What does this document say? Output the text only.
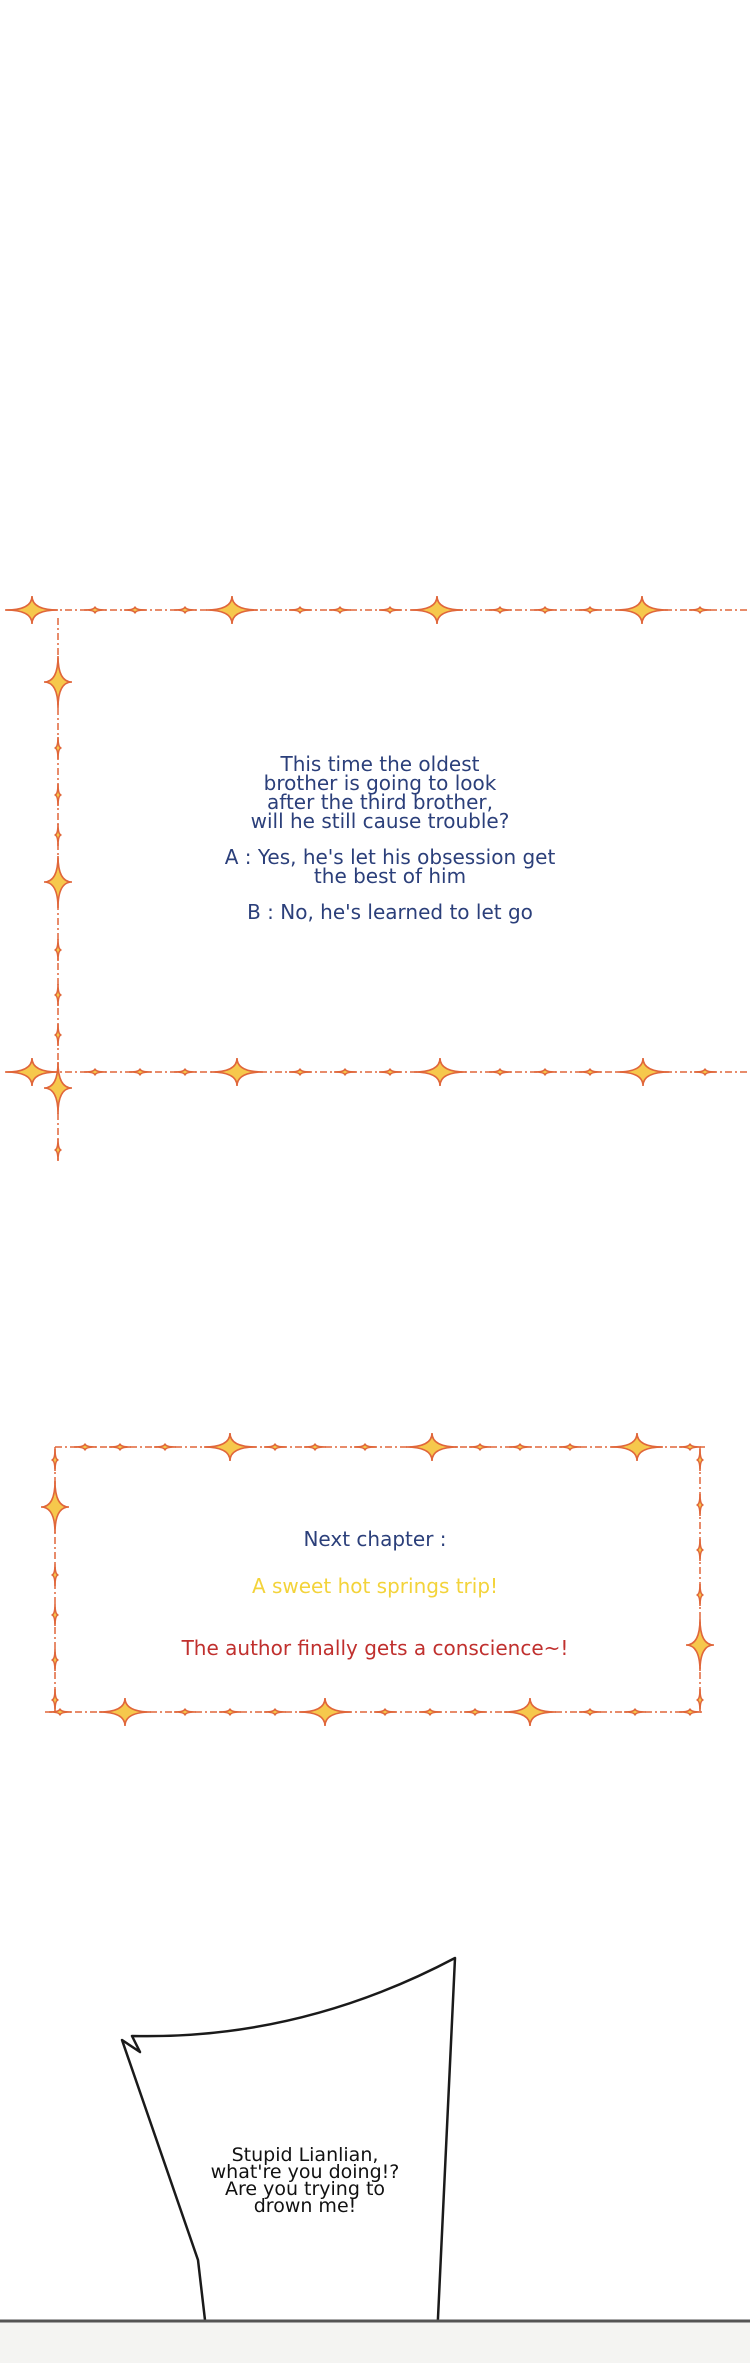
This time the oldest
brother is going to look
after the third brother,
will he still cause trouble?
A : Yes, he's let his obsession get
the best of him
B : No, he's learned to let go
Next chapter :
A sweet hot springs trip!
The author finally gets a conscience~!
Stupid Lianlian,
what're you doing!?
Are you trying to
drown me!
